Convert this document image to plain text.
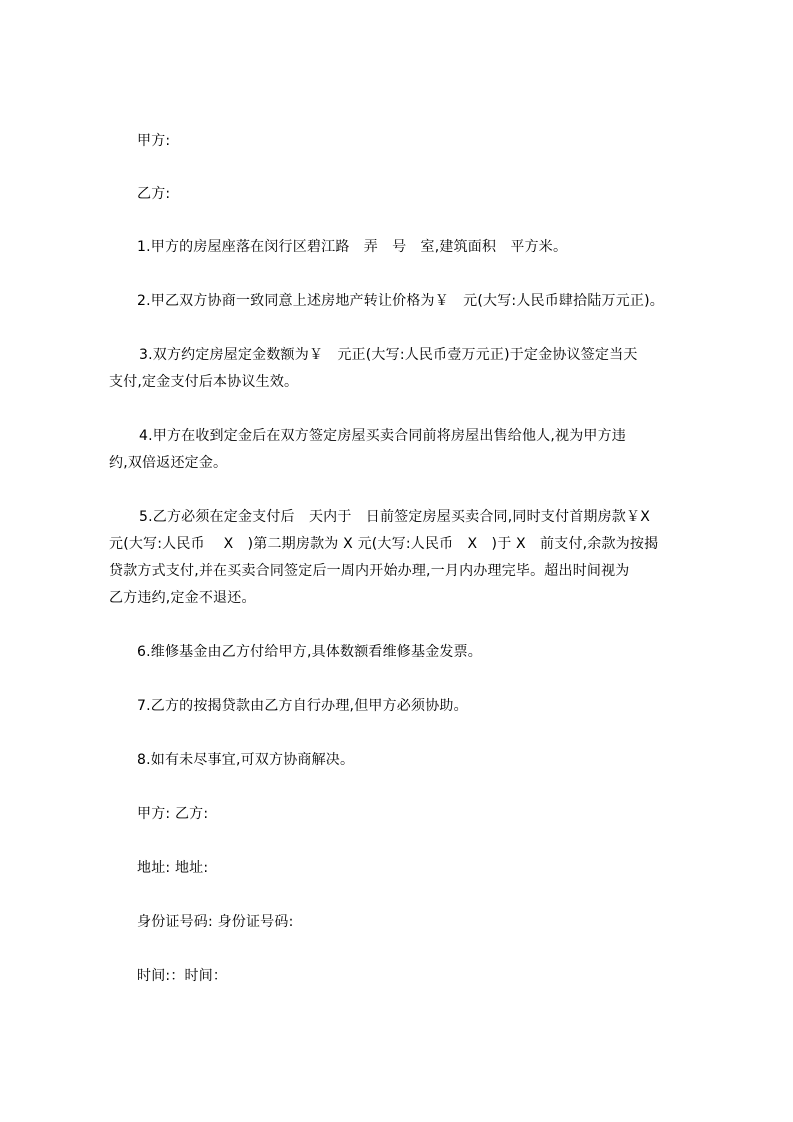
甲方:
乙方:
1.甲方的房屋座落在闵行区碧江路　弄　号　室,建筑面积　平方米。
2.甲乙双方协商一致同意上述房地产转让价格为￥　元(大写:人民币肆拾陆万元正)。
3.双方约定房屋定金数额为￥　元正(大写:人民币壹万元正)于定金协议签定当天
支付,定金支付后本协议生效。
4.甲方在收到定金后在双方签定房屋买卖合同前将房屋出售给他人,视为甲方违
约,双倍返还定金。
5.乙方必须在定金支付后　天内于　日前签定房屋买卖合同,同时支付首期房款￥X
元(大写:人民币　 X　)第二期房款为 X 元(大写:人民币　X　)于 X　前支付,余款为按揭
贷款方式支付,并在买卖合同签定后一周内开始办理,一月内办理完毕。超出时间视为
乙方违约,定金不退还。
6.维修基金由乙方付给甲方,具体数额看维修基金发票。
7.乙方的按揭贷款由乙方自行办理,但甲方必须协助。
8.如有未尽事宜,可双方协商解决。
甲方: 乙方:
地址: 地址:
身份证号码: 身份证号码:
时间:：时间：
